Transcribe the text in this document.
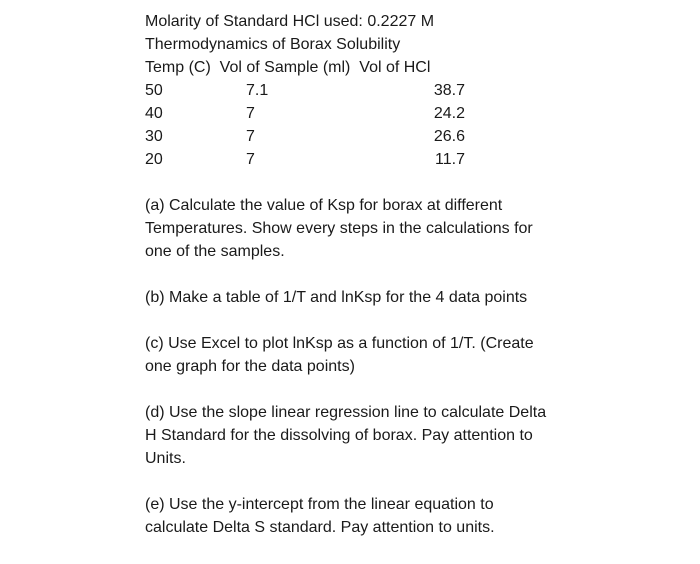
Molarity of Standard HCl used: 0.2227 M
Thermodynamics of Borax Solubility
Temp (C)  Vol of Sample (ml)  Vol of HCl
50	7.1	38.7
40	7	24.2
30	7	26.6
20	7	11.7
(a) Calculate the value of Ksp for borax at different Temperatures. Show every steps in the calculations for one of the samples.
(b) Make a table of 1/T and lnKsp for the 4 data points
(c) Use Excel to plot lnKsp as a function of 1/T. (Create one graph for the data points)
(d) Use the slope linear regression line to calculate Delta H Standard for the dissolving of borax. Pay attention to Units.
(e) Use the y-intercept from the linear equation to calculate Delta S standard. Pay attention to units.
